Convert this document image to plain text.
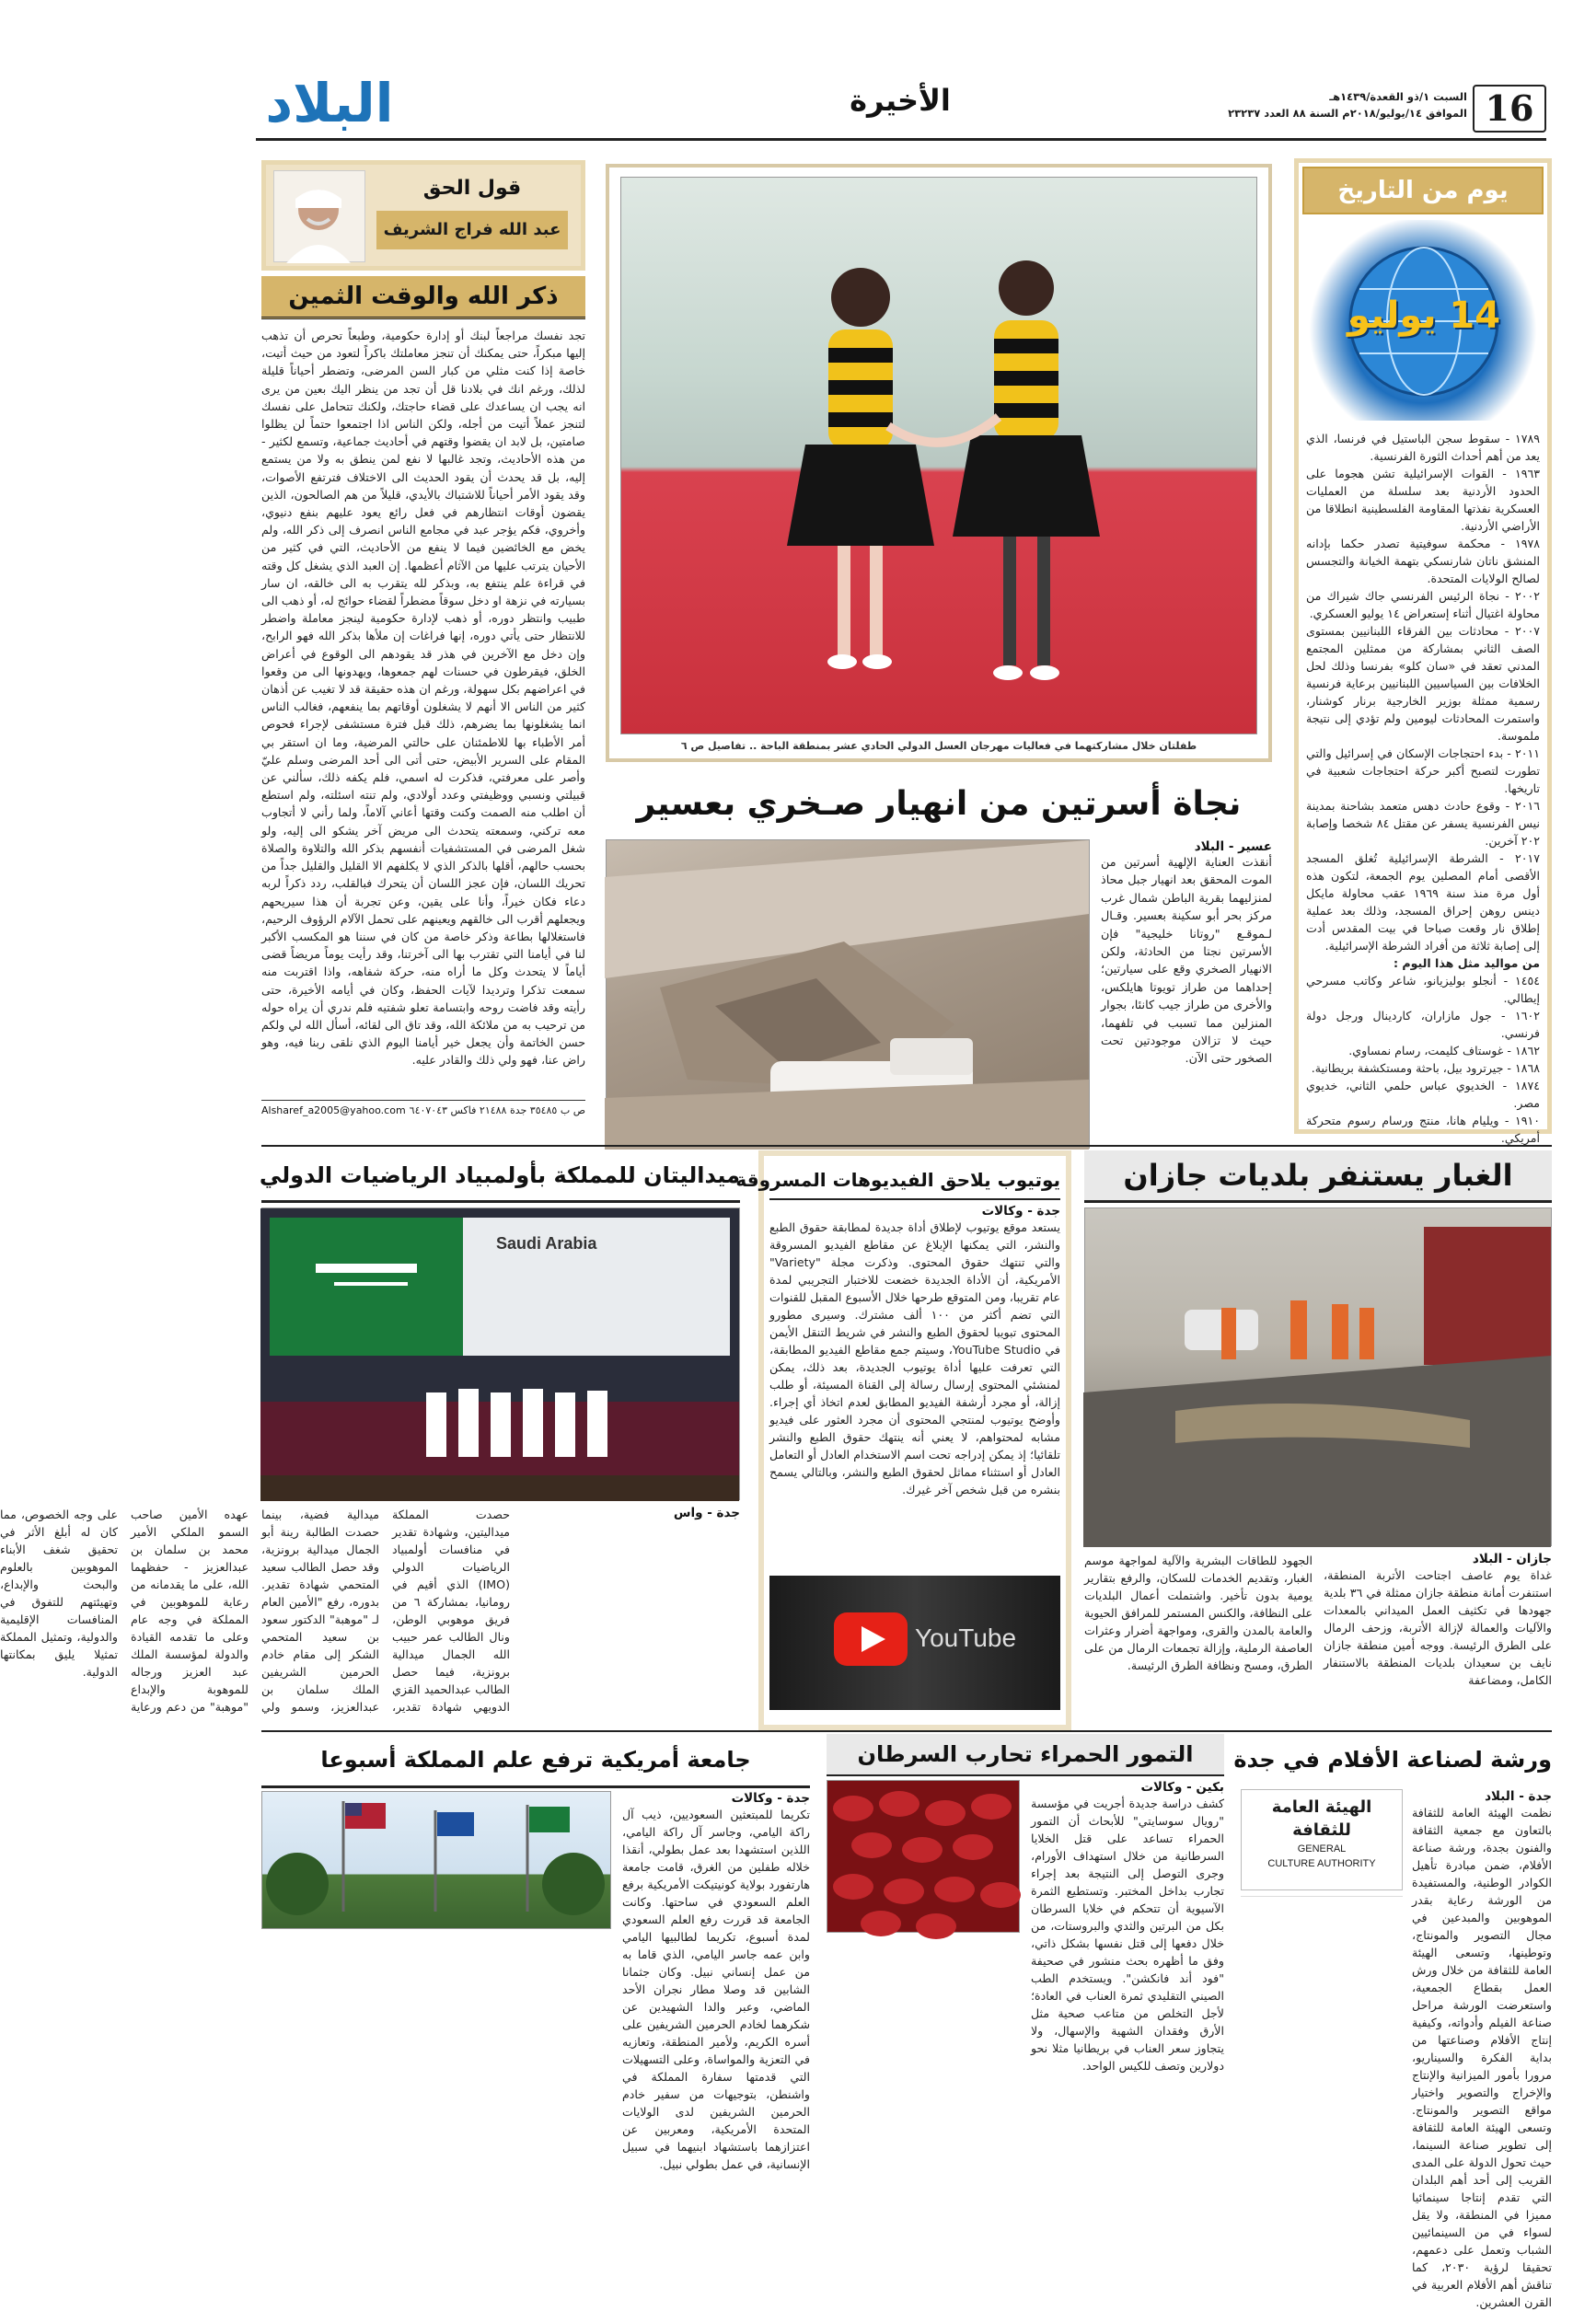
16
السبت ١/ذو القعدة/١٤٣٩هـ
الموافق ١٤/يوليو/٢٠١٨م السنة ٨٨ العدد ٢٣٢٣٧
الأخيرة
البلاد
يوم من التاريخ
14 يوليو
١٧٨٩ - سقوط سجن الباستيل في فرنسا، الذي يعد من أهم أحداث الثورة الفرنسية.
١٩٦٣ - القوات الإسرائيلية تشن هجوما على الحدود الأردنية بعد سلسلة من العمليات العسكرية نفذتها المقاومة الفلسطينية انطلاقا من الأراضي الأردنية.
١٩٧٨ - محكمة سوفيتية تصدر حكما بإدانه المنشق ناتان شارنسكي بتهمة الخيانة والتجسس لصالح الولايات المتحدة.
٢٠٠٢ - نجاة الرئيس الفرنسي جاك شيراك من محاولة اغتيال أثناء إستعراض ١٤ يوليو العسكري.
٢٠٠٧ - محادثات بين الفرقاء اللبنانيين بمستوى الصف الثاني بمشاركة من ممثلين المجتمع المدني تعقد في «سان كلو» بفرنسا وذلك لحل الخلافات بين السياسيين اللبنانيين برعاية فرنسية رسمية ممثلة بوزير الخارجية برنار كوشنار، واستمرت المحادثات ليومين ولم تؤدي إلى نتيجة ملموسة.
٢٠١١ - بدء احتجاجات الإسكان في إسرائيل والتي تطورت لتصبح أكبر حركة احتجاجات شعبية في تاريخها.
٢٠١٦ - وقوع حادث دهس متعمد بشاحنة بمدينة نيس الفرنسية يسفر عن مقتل ٨٤ شخصا وإصابة ٢٠٢ آخرين.
٢٠١٧ - الشرطة الإسرائيلية تُغلق المسجد الأقصى أمام المصلين يوم الجمعة، لتكون هذه أول مرة منذ سنة ١٩٦٩ عقب محاولة مايكل دينس روهن إحراق المسجد، وذلك بعد عملية إطلاق نار وقعت صباحا في بيت المقدس أدت إلى إصابة ثلاثة من أفراد الشرطة الإسرائيلية.
من مواليد مثل هذا اليوم :
١٤٥٤ - أنجلو بوليزيانو، شاعر وكاتب مسرحي إيطالي.
١٦٠٢ - جول مازاران، كاردينال ورجل دولة فرنسي.
١٨٦٢ - غوستاف كليمت، رسام نمساوي.
١٨٦٨ - جيرترود بيل، باحثة ومستكشفة بريطانية.
١٨٧٤ - الخديوي عباس حلمي الثاني، خديوي مصر.
١٩١٠ - ويليام هانا، منتج ورسام رسوم متحركة أمريكي.
طفلتان خلال مشاركتهما في فعاليات مهرجان العسل الدولي الحادي عشر بمنطقة الباحة .. تفاصيل ص ٦
قول الحق
عبد الله فراج الشريف
ذكر الله والوقت الثمين
تجد نفسك مراجعاً لبنك أو إدارة حكومية، وطبعاً تحرص أن تذهب إليها مبكراً، حتى يمكنك أن تنجز معاملتك باكراً لتعود من حيث أتيت، خاصة إذا كنت مثلي من كبار السن المرضى، وتضطر أحياناً قليلة لذلك، ورغم انك في بلادنا قل أن تجد من ينظر اليك بعين من يرى انه يجب ان يساعدك على قضاء حاجتك، ولكنك تتحامل على نفسك لتنجز عملاً أتيت من أجله، ولكن الناس اذا اجتمعوا حتماً لن يظلوا صامتين، بل لابد ان يقضوا وقتهم في أحاديث جماعية، وتسمع لكثير - من هذه الأحاديث، وتجد غالبها لا نفع لمن ينطق به ولا من يستمع إليه، بل قد يحدث أن يقود الحديث الى الاختلاف فترتفع الأصوات، وقد يقود الأمر أحياناً للاشتباك بالأيدي، قليلاً من هم الصالحون، الذين يقضون أوقات انتظارهم في فعل رائع يعود عليهم بنفع دنيوي، وأخروي، فكم يؤجر عبد في مجامع الناس انصرف إلى ذكر الله، ولم يخض مع الخائضين فيما لا ينفع من الأحاديث، التي في كثير من الأحيان يترتب عليها من الآثام أعظمها. إن العبد الذي يشغل كل وقته في قراءة علم ينتفع به، وبذكر لله يتقرب به الى خالقه، ان سار بسيارته في نزهة او دخل سوقاً مضطراً لقضاء حوائج له، أو ذهب الى طبيب وانتظر دوره، أو ذهب لإدارة حكومية لينجز معاملة واضطر للانتظار حتى يأتي دوره، إنها فراغات إن ملأها بذكر الله فهو الرابح، وإن دخل مع الآخرين في هذر قد يقودهم الى الوقوع في أعراض الخلق، فيقرطون في حسنات لهم جمعوها، ويهدونها الى من وقعوا في اعراضهم بكل سهولة، ورغم ان هذه حقيقة قد لا تغيب عن أذهان كثير من الناس الا أنهم لا يشغلون أوقاتهم بما ينفعهم، فغالب الناس انما يشغلونها بما يضرهم، ذلك قبل فترة مستشفى لإجراء فحوص أمر الأطباء بها للاطمئنان على حالتي المرضية، وما ان استقر بي المقام على السرير الأبيض، حتى أتى الى أحد المرضى وسلم عليّ وأصر على معرفتي، فذكرت له اسمي، فلم يكفه ذلك، سألني عن قبيلتي ونسبي ووظيفتي وعدد أولادي، ولم تنته اسئلته، ولم استطع أن اطلب منه الصمت وكنت وقتها أعاني آلاماً، ولما رأني لا أتجاوب معه تركني، وسمعته يتحدث الى مريض آخر يشكو الى إليه، ولو شغل المرضى في المستشفيات أنفسهم بذكر الله والتلاوة والصلاة بحسب حالهم، أقلها بالذكر الذي لا يكلفهم الا القليل والقليل جداً من تحريك اللسان، فإن عجز اللسان أن يتحرك فبالقلب، ردد ذكراً لربه دعاء فكان خيراً، وأنا على يقين، وعن تجربة أن هذا سيريحهم ويجعلهم أقرب الى خالقهم ويعينهم على تحمل الآلام الرؤوف الرحيم، فاستغلالها بطاعة وذكر خاصة من كان في سننا هو المكسب الأكبر لنا في أيامنا التي تقترب بها الى آخرتنا، وقد رأيت يوماً مريضاً قضى أياماً لا يتحدث وكل ما أراه منه، حركة شفاهه، واذا اقتربت منه سمعت تذكرا وترديدا لآيات الحفظ، وكان في أيامه الأخيرة، حتى رأيته وقد فاضت روحه وابتسامة تعلو شفتيه فلم ندري أن يراه حوله من ترحيب به من ملائكة الله، وقد تاق الى لقائه، أسأل الله لي ولكم حسن الخاتمة وأن يجعل خير أيامنا اليوم الذي نلقى ربنا فيه، وهو راض عنا، فهو ولي ذلك والقادر عليه.
ص ب ٣٥٤٨٥ جدة ٢١٤٨٨ فاكس ٦٤٠٧٠٤٣
Alsharef_a2005@yahoo.com
نجاة أسرتين من انهيار صـخري بعسير
عسير - البلاد
أنقذت العناية الإلهية أسرتين من الموت المحقق بعد انهيار جبل محاذ لمنزليهما بقرية الباطن شمال غرب مركز بحر أبو سكينة بعسير. وقـال لـموقـع "روتانا خليجية" فإن الأسرتين نجتا من الحادثة، ولكن الانهيار الصخري وقع على سيارتين؛ إحداهما من طراز تويوتا هايلكس، والأخرى من طراز جيب كانئا، بجوار المنزلين مما تسبب في تلفهما، حيث لا تزالان موجودتين تحت الصخور حتى الآن.
الغبار يستنفر بلديات جازان
جازان - البلاد
غداة يوم عاصف اجتاحت الأتربة المنطقة، استنفرت أمانة منطقة جازان ممثلة في ٣٦ بلدية جهودها في تكثيف العمل الميداني بالمعدات والآليات والعمالة لإزالة الأتربة، وزحف الرمال على الطرق الرئيسة. ووجه أمين منطقة جازان نايف بن سعيدان بلديات المنطقة بالاستنفار الكامل، ومضاعفة
الجهود للطاقات البشرية والآلية لمواجهة موسم الغبار، وتقديم الخدمات للسكان، والرفع بتقارير يومية بدون تأخير. واشتملت أعمال البلديات على النظافة، والكنس المستمر للمرافق الحيوية والعامة بالمدن والقرى، ومواجهة أضرار وعثرات العاصفة الرملية، وإزالة تجمعات الرمال من على الطرق، ومسح ونظافة الطرق الرئيسة.
يوتيوب يلاحق الفيديوهات المسروقة
جدة - وكالات
يستعد موقع يوتيوب لإطلاق أداة جديدة لمطابقة حقوق الطبع والنشر، التي يمكنها الإبلاغ عن مقاطع الفيديو المسروقة والتي تنتهك حقوق المحتوى. وذكرت مجلة "Variety" الأمريكية، أن الأداة الجديدة خضعت للاختبار التجريبي لمدة عام تقريبا، ومن المتوقع طرحها خلال الأسبوع المقبل للقنوات التي تضم أكثر من ١٠٠ ألف مشترك. وسيرى مطورو المحتوى تبويبا لحقوق الطبع والنشر في شريط التنقل الأيمن في YouTube Studio، وسيتم جمع مقاطع الفيديو المطابقة، التي تعرفت عليها أداة يوتيوب الجديدة، بعد ذلك، يمكن لمنشئي المحتوى إرسال رسالة إلى القناة المسيئة، أو طلب إزالة، أو مجرد أرشفة الفيديو المطابق لعدم اتخاذ أي إجراء. وأوضح يوتيوب لمنتجي المحتوى أن مجرد العثور على فيديو مشابه لمحتواهم، لا يعني أنه ينتهك حقوق الطبع والنشر تلقائيا؛ إذ يمكن إدراجه تحت اسم الاستخدام العادل أو التعامل العادل أو استثناء مماثل لحقوق الطبع والنشر، وبالتالي يسمح بنشره من قبل شخص آخر غيرك.
YouTube
ميداليتان للمملكة بأولمبياد الرياضيات الدولي
Saudi Arabia
جدة - واس
حصدت المملكة ميداليتين، وشهادة تقدير في منافسات أولمبياد الرياضيات الدولي (IMO) الذي أقيم في رومانيا، بمشاركة ٦ من فريق موهوبي الوطن، ونال الطالب عمر حبيب الله الجمال ميدالية برونزية، فيما حصل الطالب عبدالحميد القزي الدويهي شهادة تقدير، ميدالية فضية، بينما حصدت الطالبة رينة أبو الجمال ميدالية برونزية، وقد حصل الطالب سعيد المتحمي شهادة تقدير. بدوره، رفع "الأمين العام لـ "موهبة" الدكتور سعود بن سعيد المتحمي الشكر إلى مقام خادم الحرمين الشريفين الملك سلمان بن عبدالعزيز، وسمو ولي عهده الأمين صاحب السمو الملكي الأمير محمد بن سلمان بن عبدالعزيز - حفظهما الله، على ما يقدمانه من رعاية للموهوبين في المملكة في وجه عام وعلى ما تقدمه القيادة والدولة لمؤسسة الملك عبد العزيز ورجاله للموهوبة والإبداع "موهبة" من دعم ورعاية على وجه الخصوص، مما كان له أبلغ الأثر في تحقيق شغف الأبناء الموهوبين بالعلوم والبحث والإبداع، وتهيئتهم للتفوق في المنافسات الإقليمية والدولية، وتمثيل المملكة تمثيلا يليق بمكانتها الدولية.
ورشة لصناعة الأفلام في جدة
الهيئة العامة
للثقافة
GENERAL
CULTURE AUTHORITY
جدة - البلاد
نظمت الهيئة العامة للثقافة بالتعاون مع جمعية الثقافة والفنون بجدة، ورشة صناعة الأفلام، ضمن مبادرة تأهيل الكوادر الوطنية، والمستفيدة من الورشة رعاية بقدر الموهوبين والمبدعين في مجال التصوير والمونتاج، وتوطينها، وتسعى الهيئة العامة للثقافة من خلال ورش العمل بقطاع الجمعية، واستعرضت الورشة مراحل صناعة الفيلم وأدواته، وكيفية إنتاج الأفلام وصناعتها من بداية الفكرة والسيناريو، مرورا بأمور الميزانية والإنتاج والإخراج والتصوير واختيار مواقع التصوير والمونتاج. وتسعى الهيئة العامة للثقافة إلى تطوير صناعة السينما، حيث تحول الدولة على المدى القريب إلى أحد أهم البلدان التي تقدم إنتاجا سينمائيا مميزا في المنطقة، ولا يقل لسواء في من السينمائيين الشباب وتعمل على دعمهم، تحقيقا لرؤية ٢٠٣٠، كما تناقش أهم الأفلام العربية في القرن العشرين.
التمور الحمراء تحارب السرطان
بكين - وكالات
كشف دراسة جديدة أجريت في مؤسسة "رويال سوسايتي" للأبحاث أن التمور الحمراء تساعد على قتل الخلايا السرطانية من خلال استهداف الأورام، وجرى التوصل إلى النتيجة بعد إجراء تجارب بداخل المختبر. وتستطيع الثمرة الآسيوية أن تتحكم في خلايا السرطان بكل من البرتين والثدي والبروستات، من خلال دفعها إلى قتل نفسها بشكل ذاتي، وفق ما أظهره بحث منشور في صحيفة "فود أند فانكشن". ويستخدم الطب الصيني التقليدي ثمرة العناب في العادة؛ لأجل التخلص من متاعب صحية مثل الأرق وفقدان الشهية والإسهال، ولا يتجاوز سعر العناب في بريطانيا مثلا نحو دولارين وتصف للكيس الواحد.
جامعة أمريكية ترفع علم المملكة أسبوعا
جدة - وكالات
تكريما للمبتعثين السعوديين، ذيب آل راكة اليامي، وجاسر آل راكة اليامي، اللذين استشهدا بعد عمل بطولي، أنقذا خلاله طفلين من الغرق، قامت جامعة هارتفورد بولاية كونيتيكت الأمريكية برفع العلم السعودي في ساحتها. وكانت الجامعة قد قررت رفع العلم السعودي لمدة أسبوع، تكريما لطالبيها اليامي وابن عمه جاسر اليامي، الذي قاما به من عمل إنساني نبيل. وكان جثمانا الشابين قد وصلا مطار نجران الأحد الماضي، وعبر والدا الشهيدين عن شكرهما لخادم الحرمين الشريفين على أسره الكريم، ولأمير المنطقة، وتعازيه في التعزية والمواساة، وعلى التسهيلات التي قدمتها سفارة المملكة في واشنطن، بتوجيهات من سفير خادم الحرمين الشريفين لدى الولايات المتحدة الأمريكية، ومعربين عن اعتزازهما باستشهاد ابنيهما في سبيل الإنسانية، في عمل بطولي نبيل.
